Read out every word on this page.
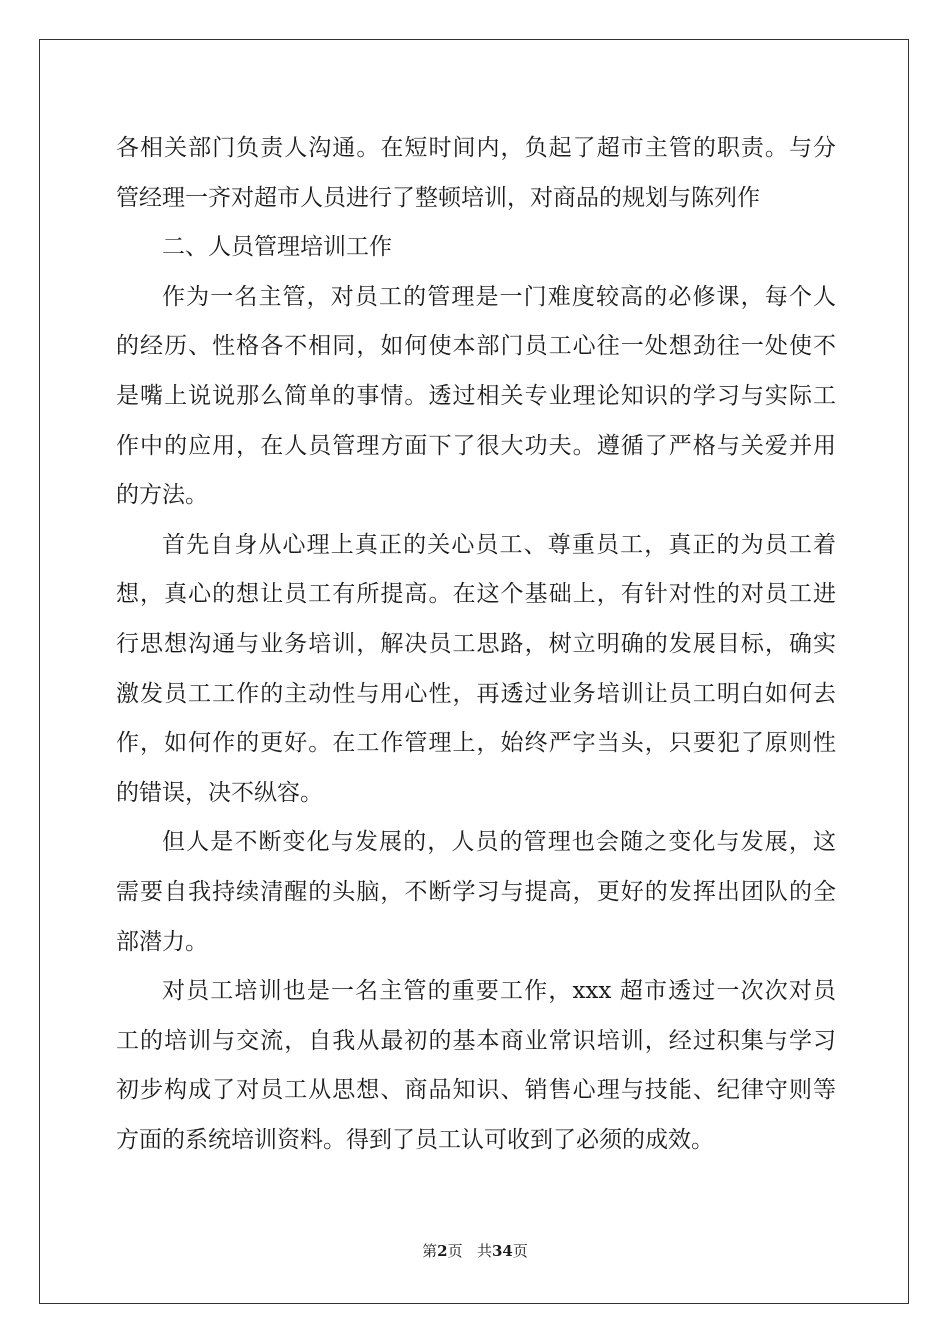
各相关部门负责人沟通。在短时间内，负起了超市主管的职责。与分
管经理一齐对超市人员进行了整顿培训，对商品的规划与陈列作
二、人员管理培训工作
作为一名主管，对员工的管理是一门难度较高的必修课，每个人
的经历、性格各不相同，如何使本部门员工心往一处想劲往一处使不
是嘴上说说那么简单的事情。透过相关专业理论知识的学习与实际工
作中的应用，在人员管理方面下了很大功夫。遵循了严格与关爱并用
的方法。
首先自身从心理上真正的关心员工、尊重员工，真正的为员工着
想，真心的想让员工有所提高。在这个基础上，有针对性的对员工进
行思想沟通与业务培训，解决员工思路，树立明确的发展目标，确实
激发员工工作的主动性与用心性，再透过业务培训让员工明白如何去
作，如何作的更好。在工作管理上，始终严字当头，只要犯了原则性
的错误，决不纵容。
但人是不断变化与发展的，人员的管理也会随之变化与发展，这
需要自我持续清醒的头脑，不断学习与提高，更好的发挥出团队的全
部潜力。
对员工培训也是一名主管的重要工作，xxx 超市透过一次次对员
工的培训与交流，自我从最初的基本商业常识培训，经过积集与学习
初步构成了对员工从思想、商品知识、销售心理与技能、纪律守则等
方面的系统培训资料。得到了员工认可收到了必须的成效。
第2页 共34页
